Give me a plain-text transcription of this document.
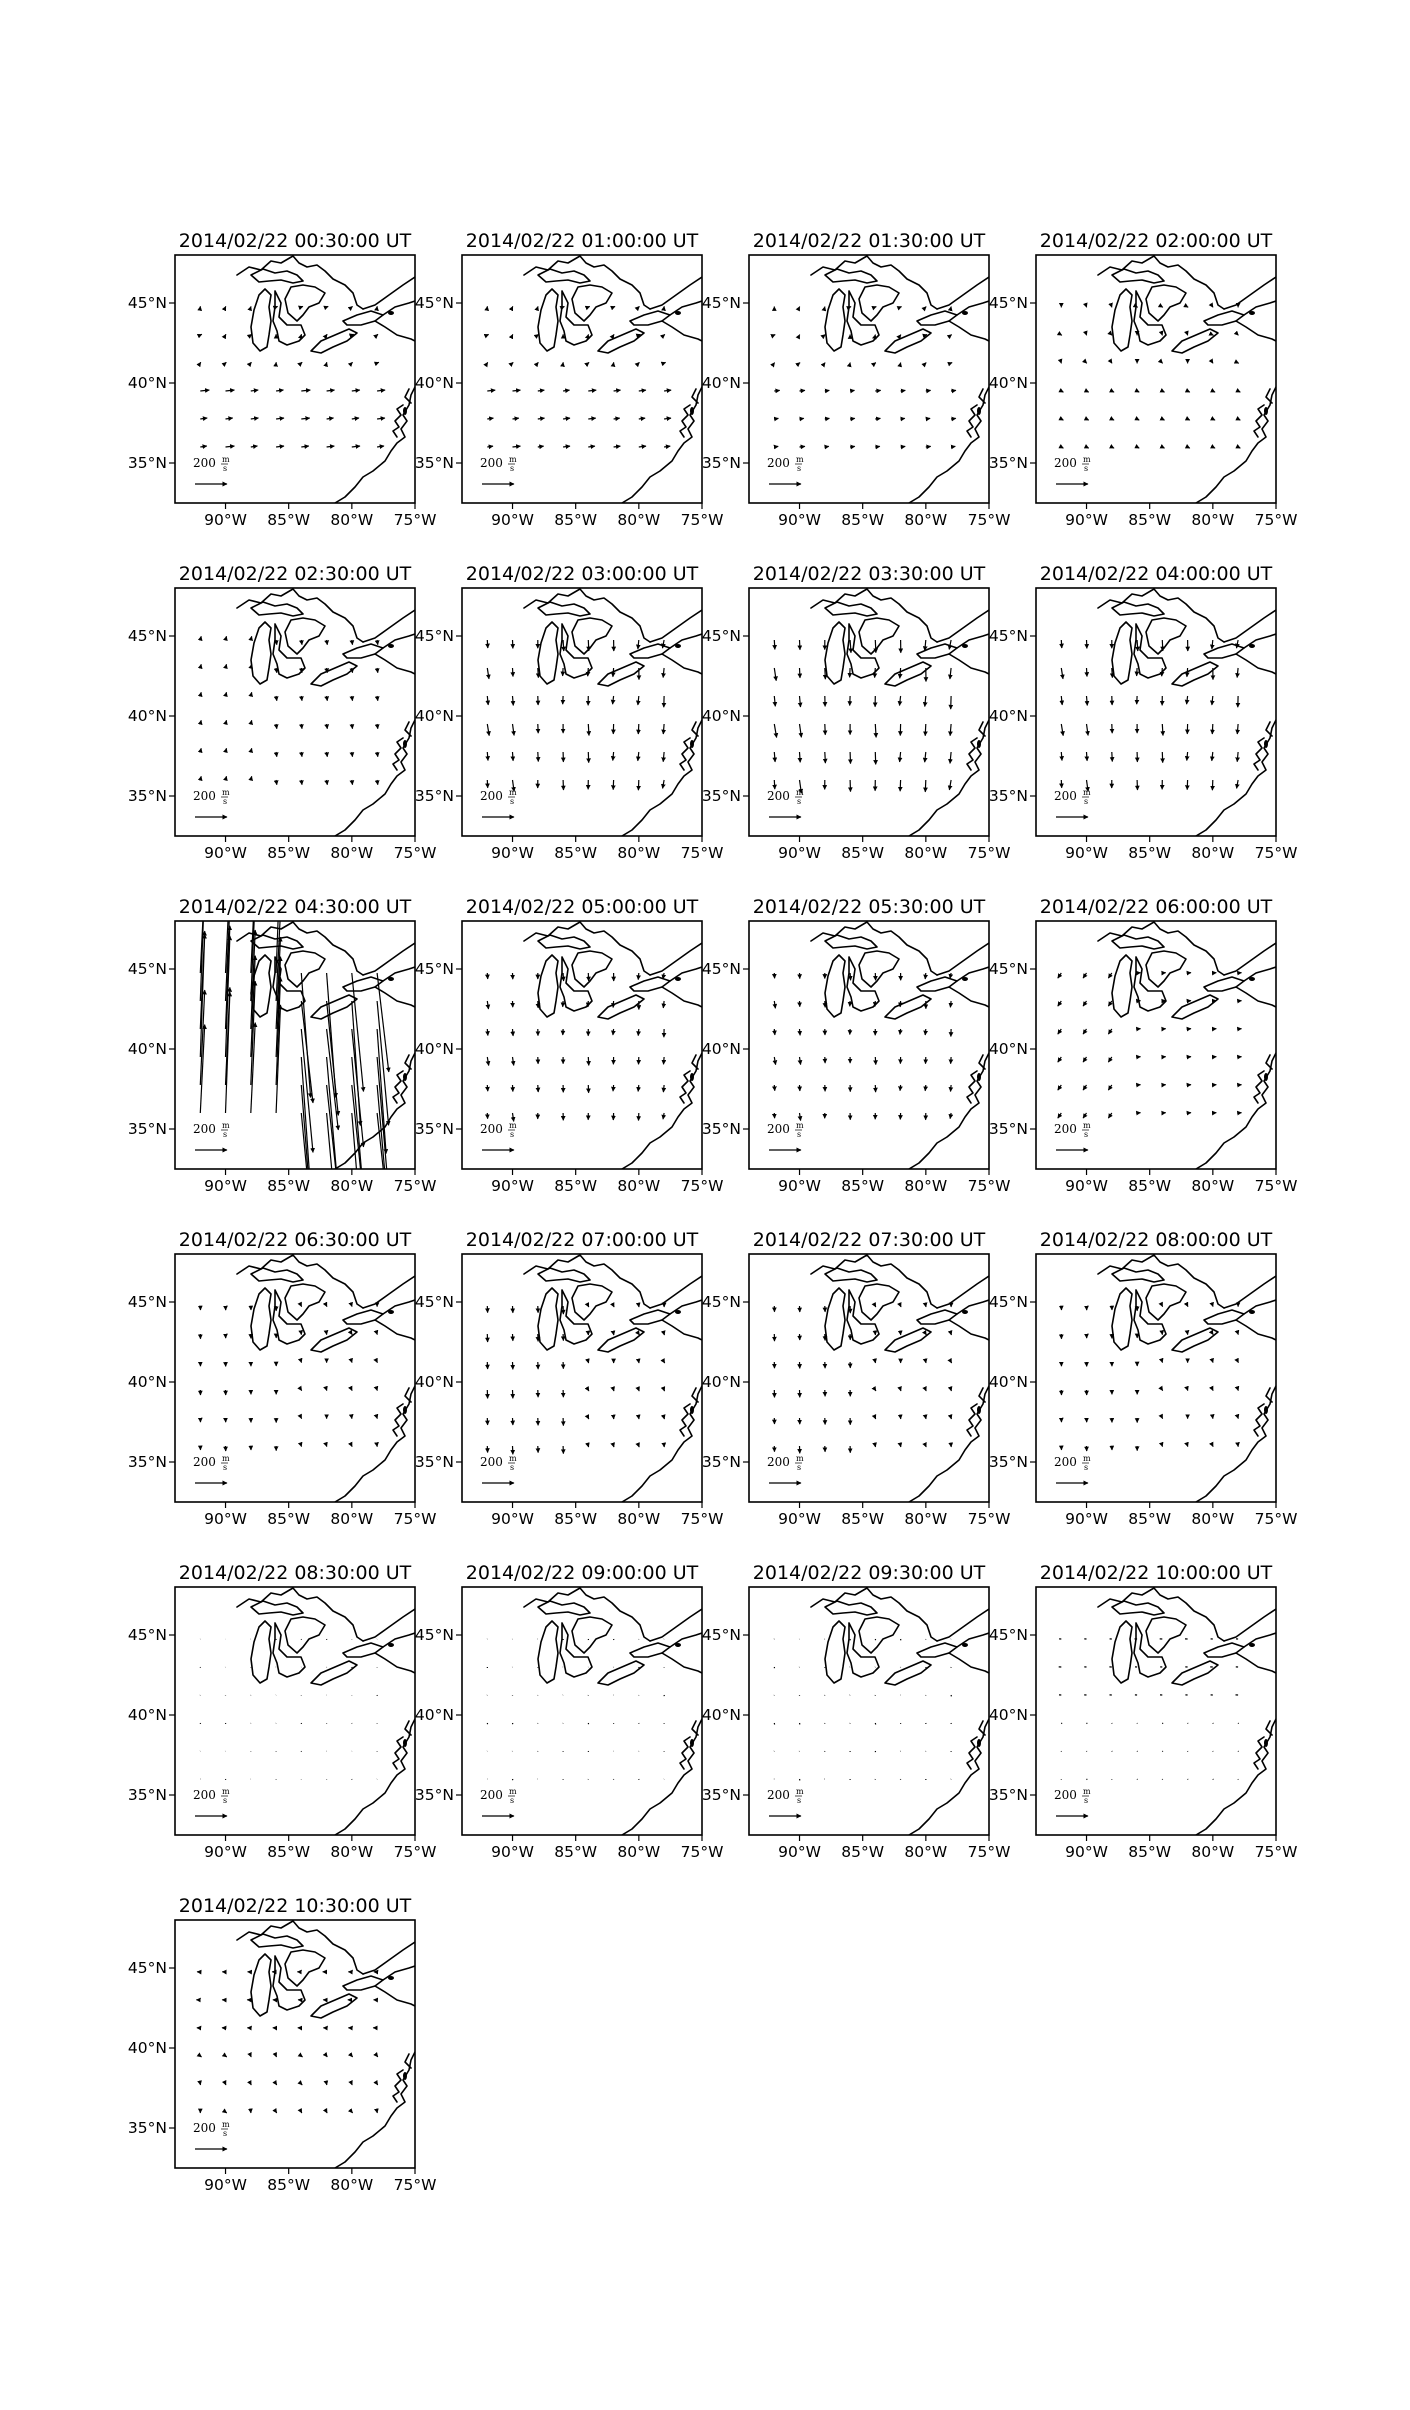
2014/02/22 00:30:00 UT
200 m
s
90°W 85°W 80°W 75°W
35°N
40°N
45°N
2014/02/22 01:00:00 UT
200 m
s
90°W 85°W 80°W 75°W
35°N
40°N
45°N
2014/02/22 01:30:00 UT
200 m
s
90°W 85°W 80°W 75°W
35°N
40°N
45°N
2014/02/22 02:00:00 UT
200 m
s
90°W 85°W 80°W 75°W
35°N
40°N
45°N
2014/02/22 02:30:00 UT
200 m
s
90°W 85°W 80°W 75°W
35°N
40°N
45°N
2014/02/22 03:00:00 UT
200 m
s
90°W 85°W 80°W 75°W
35°N
40°N
45°N
2014/02/22 03:30:00 UT
200 m
s
90°W 85°W 80°W 75°W
35°N
40°N
45°N
2014/02/22 04:00:00 UT
200 m
s
90°W 85°W 80°W 75°W
35°N
40°N
45°N
2014/02/22 04:30:00 UT
200 m
s
90°W 85°W 80°W 75°W
35°N
40°N
45°N
2014/02/22 05:00:00 UT
200 m
s
90°W 85°W 80°W 75°W
35°N
40°N
45°N
2014/02/22 05:30:00 UT
200 m
s
90°W 85°W 80°W 75°W
35°N
40°N
45°N
2014/02/22 06:00:00 UT
200 m
s
90°W 85°W 80°W 75°W
35°N
40°N
45°N
2014/02/22 06:30:00 UT
200 m
s
90°W 85°W 80°W 75°W
35°N
40°N
45°N
2014/02/22 07:00:00 UT
200 m
s
90°W 85°W 80°W 75°W
35°N
40°N
45°N
2014/02/22 07:30:00 UT
200 m
s
90°W 85°W 80°W 75°W
35°N
40°N
45°N
2014/02/22 08:00:00 UT
200 m
s
90°W 85°W 80°W 75°W
35°N
40°N
45°N
2014/02/22 08:30:00 UT
200 m
s
90°W 85°W 80°W 75°W
35°N
40°N
45°N
2014/02/22 09:00:00 UT
200 m
s
90°W 85°W 80°W 75°W
35°N
40°N
45°N
2014/02/22 09:30:00 UT
200 m
s
90°W 85°W 80°W 75°W
35°N
40°N
45°N
2014/02/22 10:00:00 UT
200 m
s
90°W 85°W 80°W 75°W
35°N
40°N
45°N
2014/02/22 10:30:00 UT
200 m
s
90°W 85°W 80°W 75°W
35°N
40°N
45°N
